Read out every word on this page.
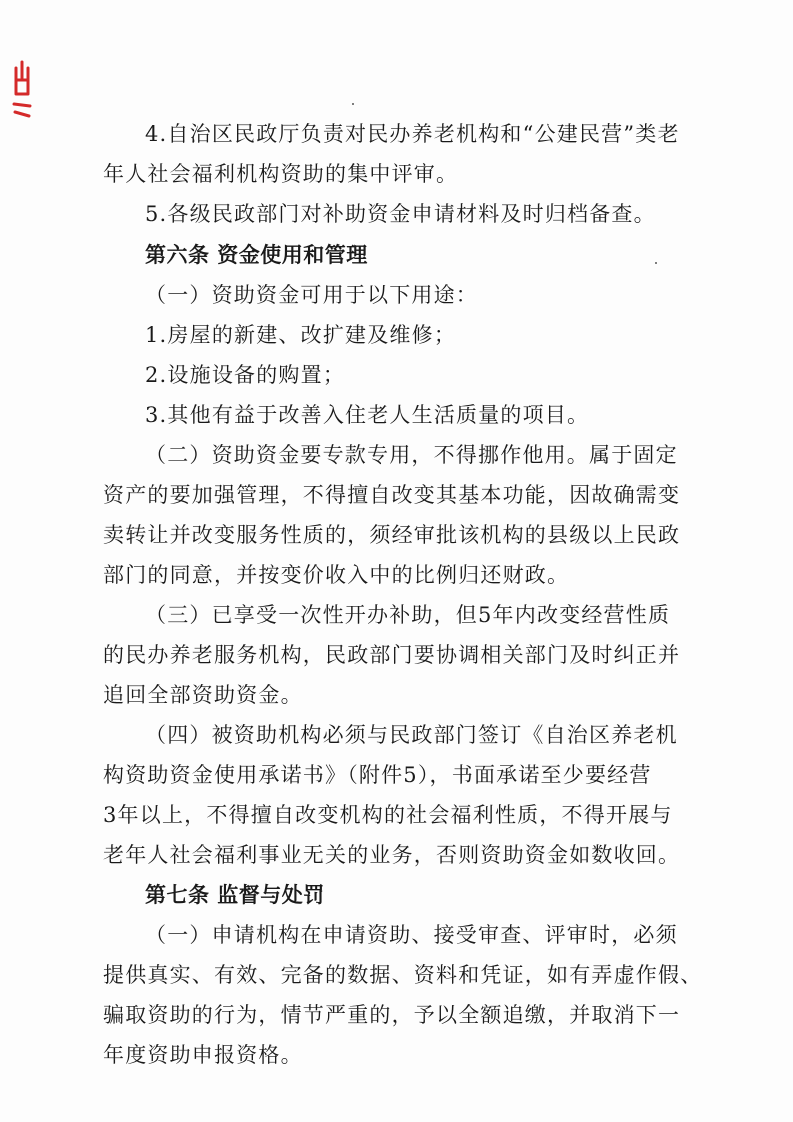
4.自治区民政厅负责对民办养老机构和“公建民营”类老
年人社会福利机构资助的集中评审。
5.各级民政部门对补助资金申请材料及时归档备查。
第六条 资金使用和管理
（一）资助资金可用于以下用途：
1.房屋的新建、改扩建及维修；
2.设施设备的购置；
3.其他有益于改善入住老人生活质量的项目。
（二）资助资金要专款专用，不得挪作他用。属于固定
资产的要加强管理，不得擅自改变其基本功能，因故确需变
卖转让并改变服务性质的，须经审批该机构的县级以上民政
部门的同意，并按变价收入中的比例归还财政。
（三）已享受一次性开办补助，但5年内改变经营性质
的民办养老服务机构，民政部门要协调相关部门及时纠正并
追回全部资助资金。
（四）被资助机构必须与民政部门签订《自治区养老机
构资助资金使用承诺书》（附件5），书面承诺至少要经营
3年以上，不得擅自改变机构的社会福利性质，不得开展与
老年人社会福利事业无关的业务，否则资助资金如数收回。
第七条 监督与处罚
（一）申请机构在申请资助、接受审查、评审时，必须
提供真实、有效、完备的数据、资料和凭证，如有弄虚作假、
骗取资助的行为，情节严重的，予以全额追缴，并取消下一
年度资助申报资格。
